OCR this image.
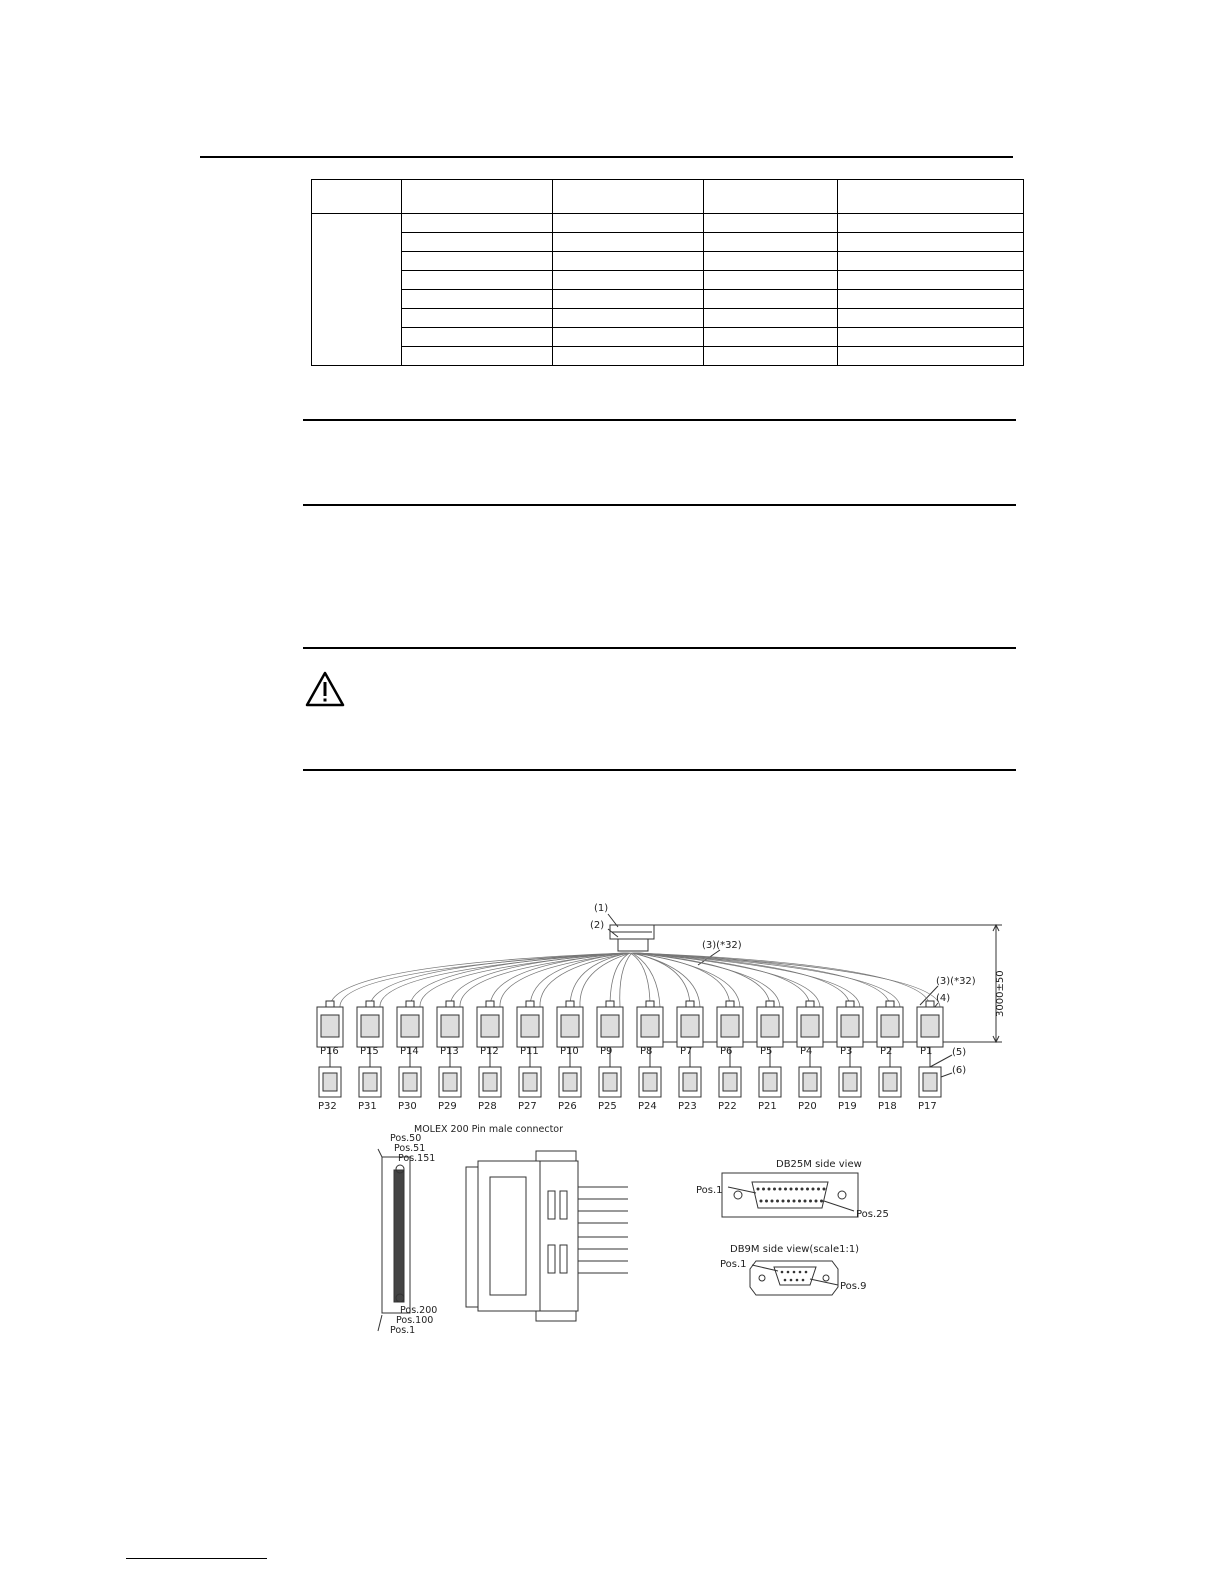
(1)
(2)
(3)(*32)
(3)(*32)
(4)
(5)
(6)
3000±50
P16 P15 P14 P13 P12 P11 P10 P9	P8	P7	P6	P5	P4	P3	P2	P1
P32 P31 P30 P29 P28 P27 P26 P25 P24 P23 P22 P21 P20 P19 P18 P17
Pos.50
Pos.51
Pos.151
Pos.200
Pos.100
Pos.1
MOLEX 200 Pin male connector
DB25M side view
Pos.1
Pos.25
DB9M side view(scale1:1)
Pos.1
Pos.9
